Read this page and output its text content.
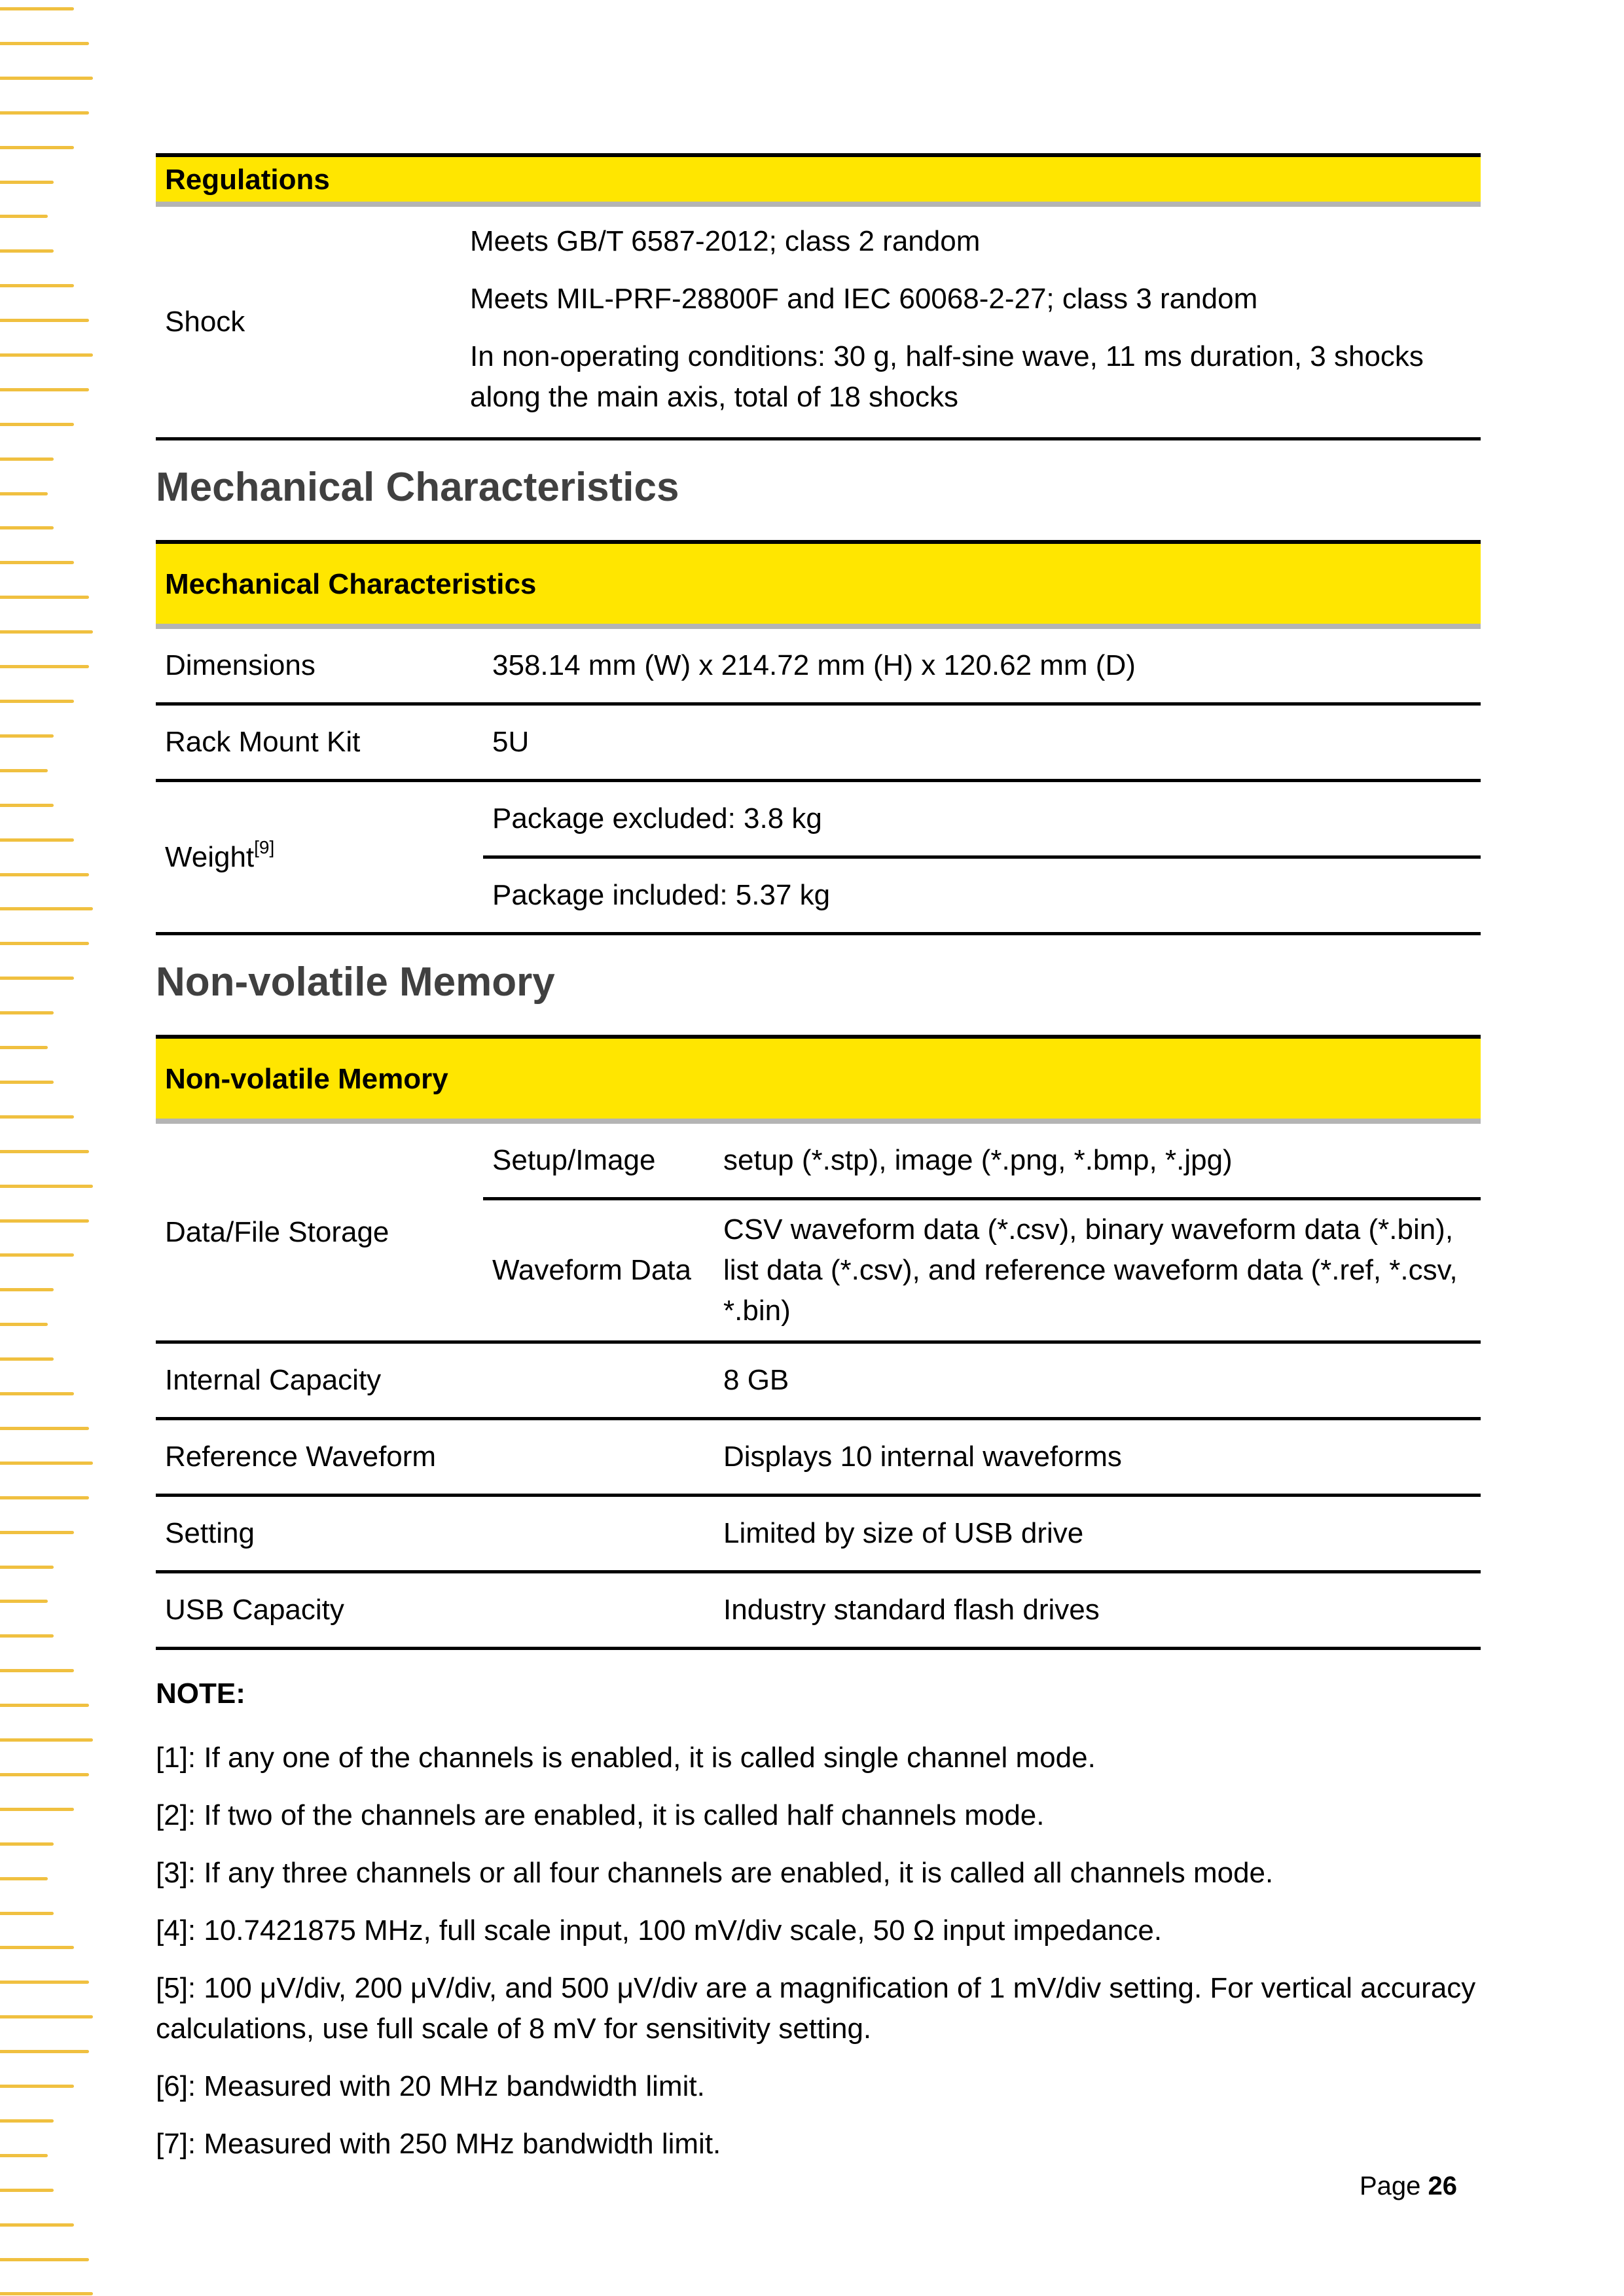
Regulations
Shock	

Meets GB/T 6587-2012; class 2 random

Meets MIL-PRF-28800F and IEC 60068-2-27; class 3 random

In non-operating conditions: 30 g, half-sine wave, 11 ms duration, 3 shocks along the main axis, total of 18 shocks

Mechanical Characteristics
Mechanical Characteristics	
Dimensions	358.14 mm (W) x 214.72 mm (H) x 120.62 mm (D)
Rack Mount Kit	5U
Weight[9]	Package excluded: 3.8 kg
	Package included: 5.37 kg
Non-volatile Memory
Non-volatile Memory		
Data/File Storage	Setup/Image	setup (*.stp), image (*.png, *.bmp, *.jpg)
	Waveform Data	CSV waveform data (*.csv), binary waveform data (*.bin), list data (*.csv), and reference waveform data (*.ref, *.csv, *.bin)
Internal Capacity		8 GB
Reference Waveform		Displays 10 internal waveforms
Setting		Limited by size of USB drive
USB Capacity		Industry standard flash drives

NOTE:

[1]: If any one of the channels is enabled, it is called single channel mode.

[2]: If two of the channels are enabled, it is called half channels mode.

[3]: If any three channels or all four channels are enabled, it is called all channels mode.

[4]: 10.7421875 MHz, full scale input, 100 mV/div scale, 50 Ω input impedance.

[5]: 100 μV/div, 200 μV/div, and 500 μV/div are a magnification of 1 mV/div setting. For vertical accuracy calculations, use full scale of 8 mV for sensitivity setting.

[6]: Measured with 20 MHz bandwidth limit.

[7]: Measured with 250 MHz bandwidth limit.

Page 26
